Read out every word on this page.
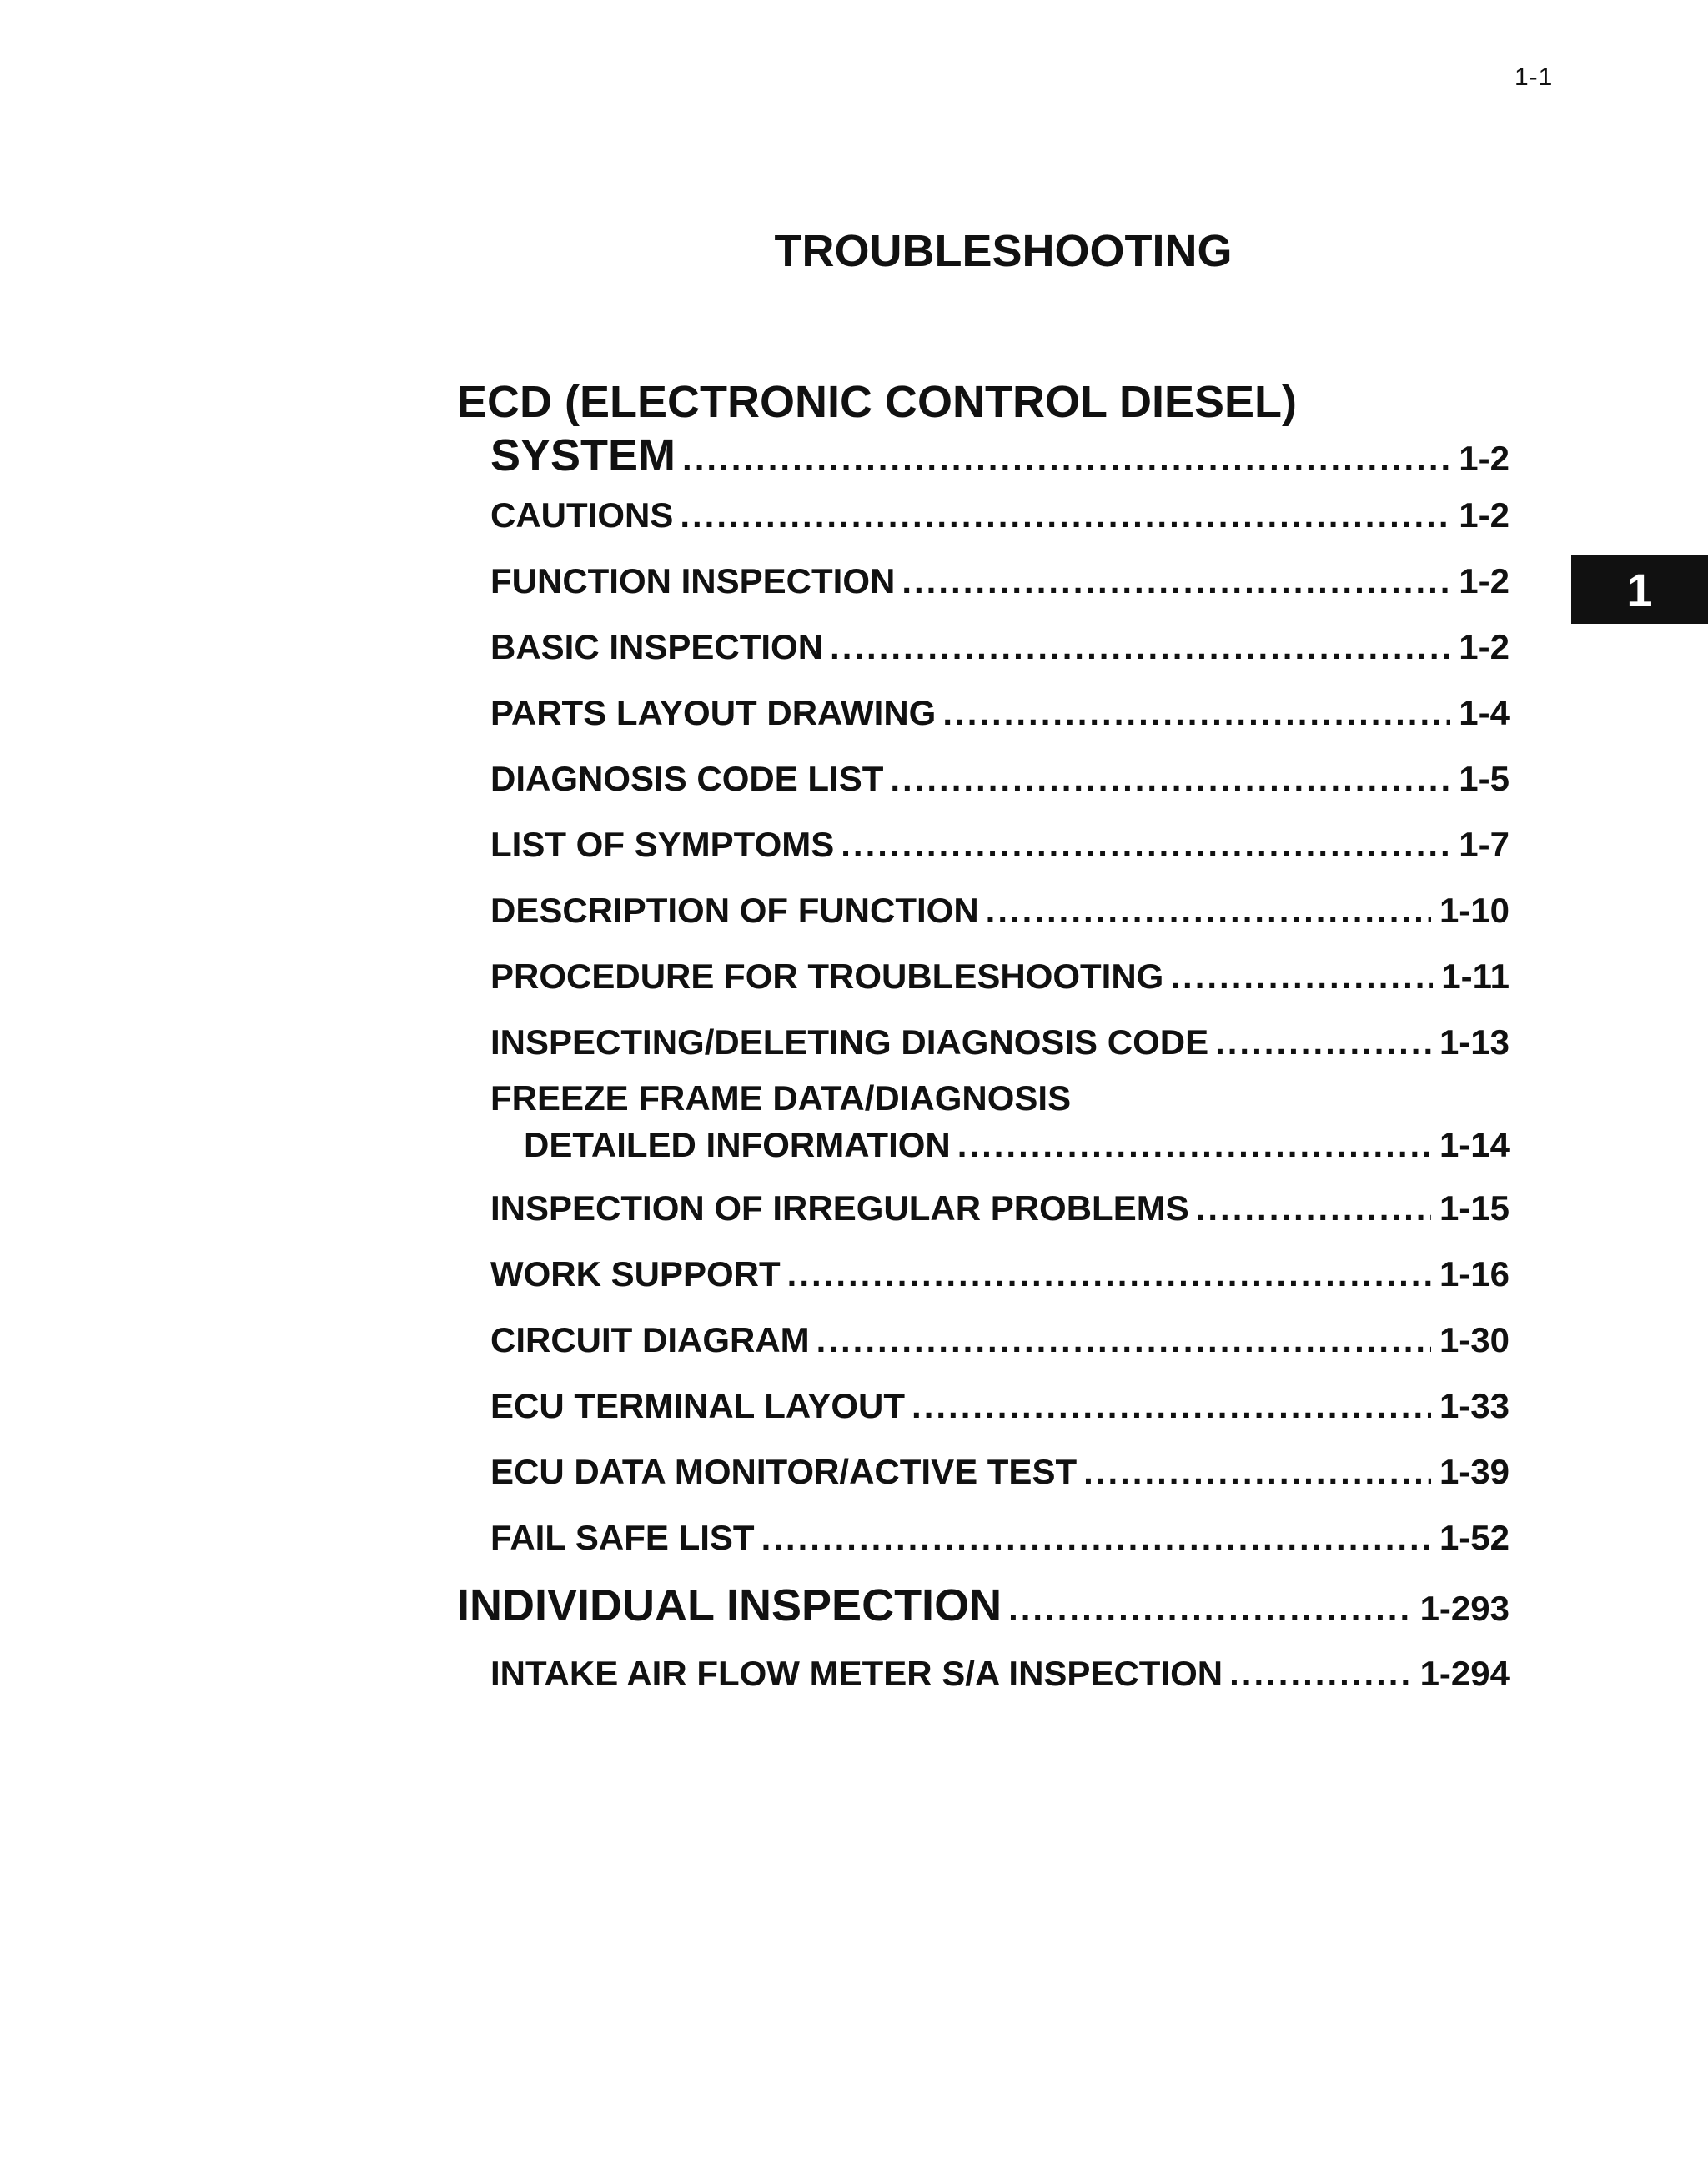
1-1
1
TROUBLESHOOTING
ECD (ELECTRONIC CONTROL DIESEL)
SYSTEM .....	1-2
CAUTIONS .....	1-2
FUNCTION INSPECTION .....	1-2
BASIC INSPECTION .....	1-2
PARTS LAYOUT DRAWING .....	1-4
DIAGNOSIS CODE LIST .....	1-5
LIST OF SYMPTOMS .....	1-7
DESCRIPTION OF FUNCTION .....	1-10
PROCEDURE FOR TROUBLESHOOTING .....	1-11
INSPECTING/DELETING DIAGNOSIS CODE .....	1-13
FREEZE FRAME DATA/DIAGNOSIS
DETAILED INFORMATION .....	1-14
INSPECTION OF IRREGULAR PROBLEMS .....	1-15
WORK SUPPORT .....	1-16
CIRCUIT DIAGRAM .....	1-30
ECU TERMINAL LAYOUT .....	1-33
ECU DATA MONITOR/ACTIVE TEST .....	1-39
FAIL SAFE LIST .....	1-52
INDIVIDUAL INSPECTION .....	1-293
INTAKE AIR FLOW METER S/A INSPECTION .....	1-294
